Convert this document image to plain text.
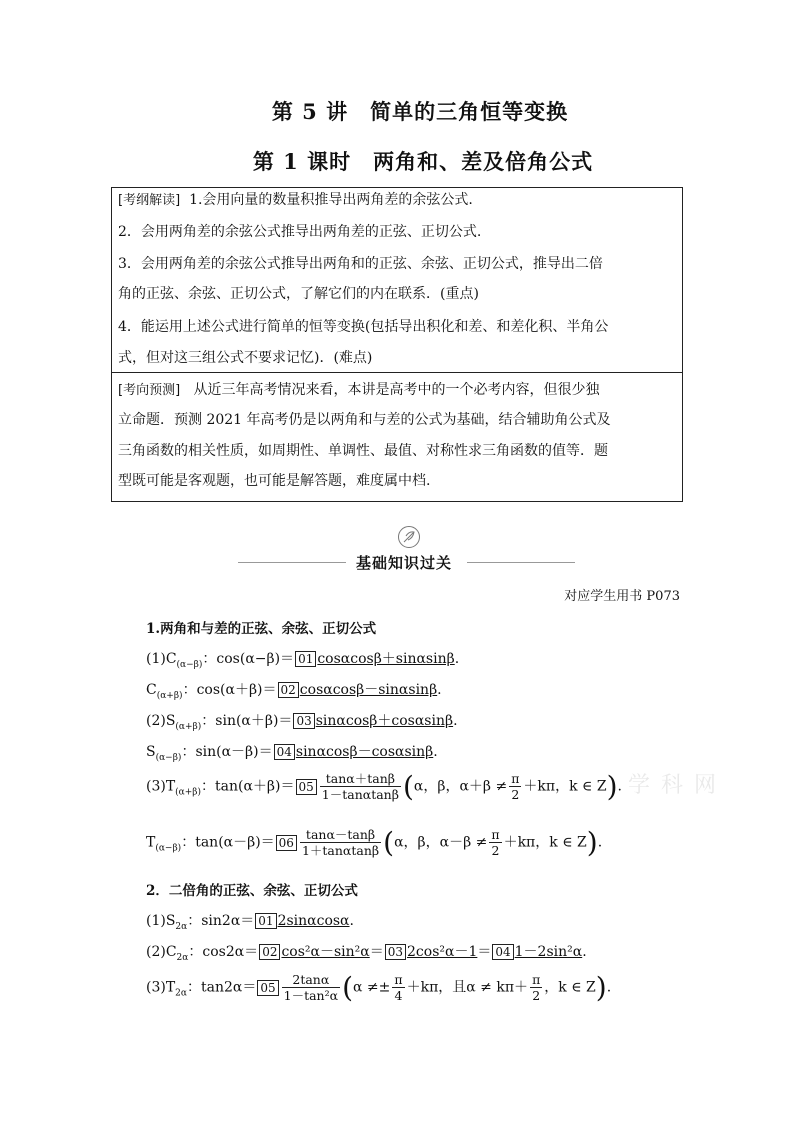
第 5 讲 简单的三角恒等变换
第 1 课时 两角和、差及倍角公式
[考纲解读] 1.会用向量的数量积推导出两角差的余弦公式.
2．会用两角差的余弦公式推导出两角差的正弦、正切公式.
3．会用两角差的余弦公式推导出两角和的正弦、余弦、正切公式，推导出二倍
角的正弦、余弦、正切公式，了解它们的内在联系．(重点)
4．能运用上述公式进行简单的恒等变换(包括导出积化和差、和差化积、半角公
式，但对这三组公式不要求记忆)．(难点)
[考向预测] 从近三年高考情况来看，本讲是高考中的一个必考内容，但很少独
立命题．预测 2021 年高考仍是以两角和与差的公式为基础，结合辅助角公式及
三角函数的相关性质，如周期性、单调性、最值、对称性求三角函数的值等．题
型既可能是客观题，也可能是解答题，难度属中档.
基础知识过关
对应学生用书 P073
1.两角和与差的正弦、余弦、正切公式
$(1)C_{(\alpha-\beta)}$：cos(α−β)＝ 01 cosαcosβ＋sinαsinβ.
$C_{(\alpha+\beta)}$：cos(α＋β)＝ 02 cosαcosβ－sinαsinβ.
$(2)S_{(\alpha+\beta)}$：sin(α＋β)＝ 03 sinαcosβ＋cosαsinβ.
$S_{(\alpha-\beta)}$：sin(α－β)＝ 04 sinαcosβ－cosαsinβ.
$(3)T_{(\alpha+\beta)}$：$\tan(\alpha+\beta)= 05 \frac{\tan\alpha+\tan\beta}{1-\tan\alpha\tan\beta} (\alpha$，β，$\alpha+\beta \ne \frac{\pi}{2} +k\pi$，k ∈ Z).
$T_{(\alpha-\beta)}$：$\tan(\alpha-\beta)= 06 \frac{\tan\alpha-\tan\beta}{1+\tan\alpha\tan\beta} (\alpha$，β，$\alpha-\beta \ne \frac{\pi}{2} +k\pi$，k ∈ Z).
2．二倍角的正弦、余弦、正切公式
$(1)S_{2\alpha}$：sin2α＝ 01 2sinαcosα.
$(2)C_{2\alpha}$：cos2α＝ 02 cos²α－sin²α＝ 03 2cos²α－1＝ 04 1－2sin²α.
$(3)T_{2\alpha}$：$\tan 2\alpha= 05 \frac{2\tan\alpha}{\text{1－tan²α}} (\alpha \ne\pm \frac{\pi}{4} +k\pi$，且$\alpha \ne k\pi+ \frac{\pi}{2}$ ，k ∈ Z).
学 科 网
